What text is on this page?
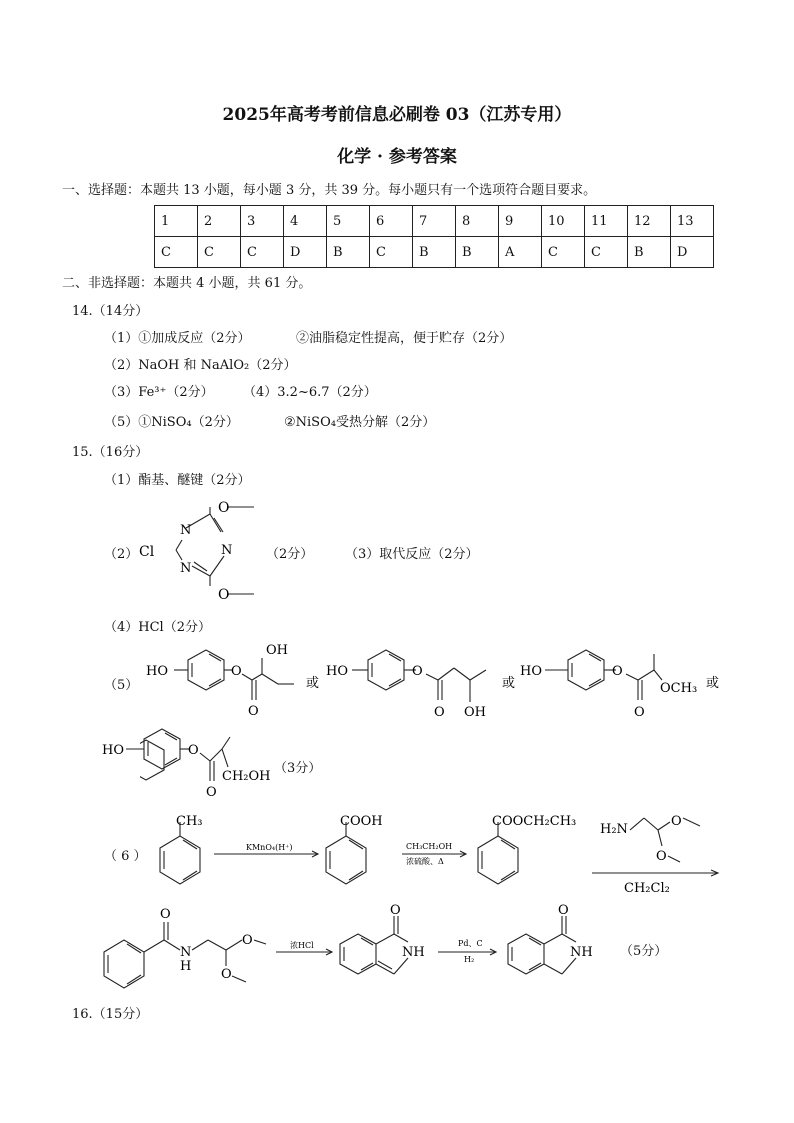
2025年高考考前信息必刷卷 03（江苏专用）
化学 · 参考答案
一、选择题：本题共 13 小题，每小题 3 分，共 39 分。每小题只有一个选项符合题目要求。
1	2	3	4	5	6	7	8	9	10	11	12	13
C	C	C	D	B	C	B	B	A	C	C	B	D
二、非选择题：本题共 4 小题，共 61 分。
14.（14分）
（1）①加成反应（2分）	②油脂稳定性提高，便于贮存（2分）
（2）NaOH 和 NaAlO₂（2分）
（3）Fe³⁺（2分） （4）3.2~6.7（2分）
（5）①NiSO₄（2分）	②NiSO₄受热分解（2分）
15.（16分）
（1）酯基、醚键（2分）
（2）
O
O
N
N
N
Cl	（2分） （3）取代反应（2分）
（4）HCl（2分）
（5）
HO	O
OH
O
或
HO	O
O OH
或
HO	O
OCH₃
O
或
HO	O
CH₂OH
O
（3分）
（ 6 ）
CH₃
KMnO₄(H⁺)
COOH
CH₃CH₂OH
浓硫酸、Δ
COOCH₂CH₃
H₂N
O
O
CH₂Cl₂
O
N
H
O
O
浓HCl
O
NH
Pd、C
H₂
O
NH （5分）
16.（15分）
